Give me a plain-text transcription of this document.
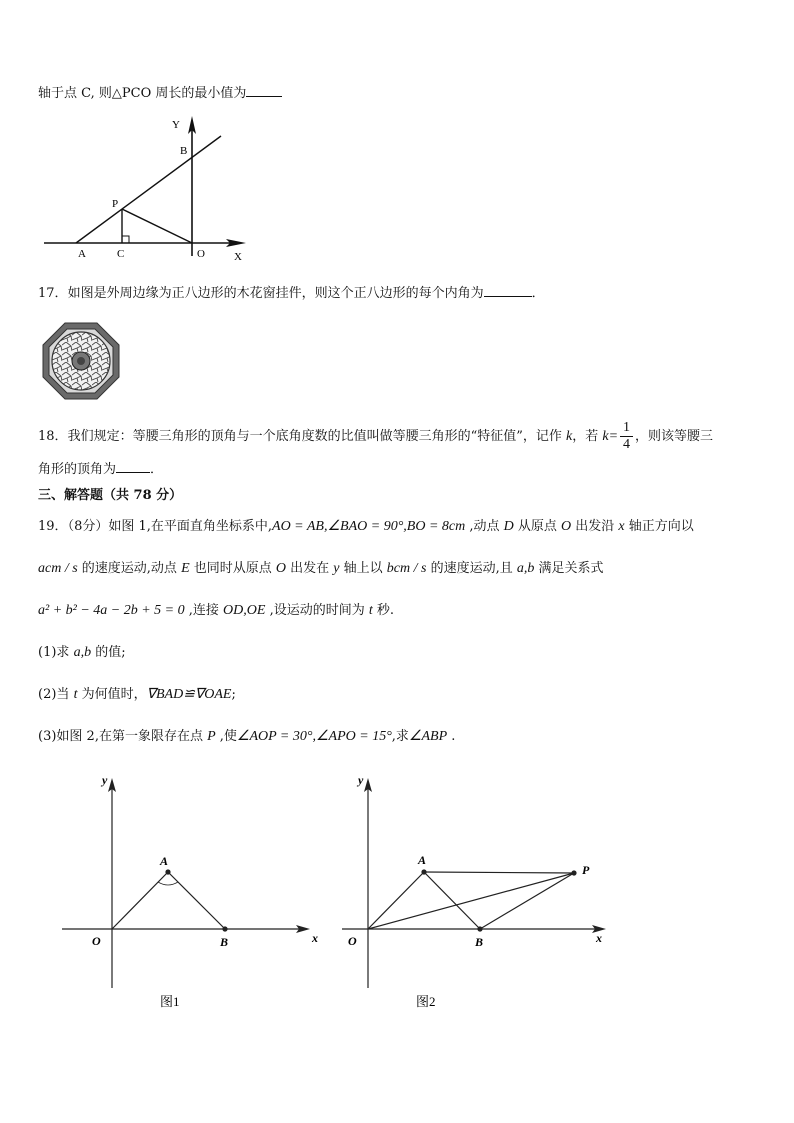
轴于点 C, 则△PCO 周长的最小值为
Y
X
B
P
A	C	O
17．如图是外周边缘为正八边形的木花窗挂件，则这个正八边形的每个内角为	．
18．我们规定：等腰三角形的顶角与一个底角度数的比值叫做等腰三角形的“特征值”，记作 k，若 $k= \frac{1}{4}$ ，则该等腰三
角形的顶角为	．
三、解答题（共 78 分）
19．（8分）如图 1,在平面直角坐标系中,AO = AB,∠BAO = 90°,BO = 8cm ,动点 D 从原点 O 出发沿 x 轴正方向以
acm / s 的速度运动,动点 E 也同时从原点 O 出发在 y 轴上以 bcm / s 的速度运动,且 a,b 满足关系式
a² + b² − 4a − 2b + 5 = 0 ,连接 OD,OE ,设运动的时间为 t 秒.
(1)求 a,b 的值;
(2)当 t 为何值时，∇BAD≌∇OAE;
(3)如图 2,在第一象限存在点 P ,使∠AOP = 30°,∠APO = 15°,求∠ABP .
y
x
O
A
B
图1
y
x
O
A
B
P
图2
